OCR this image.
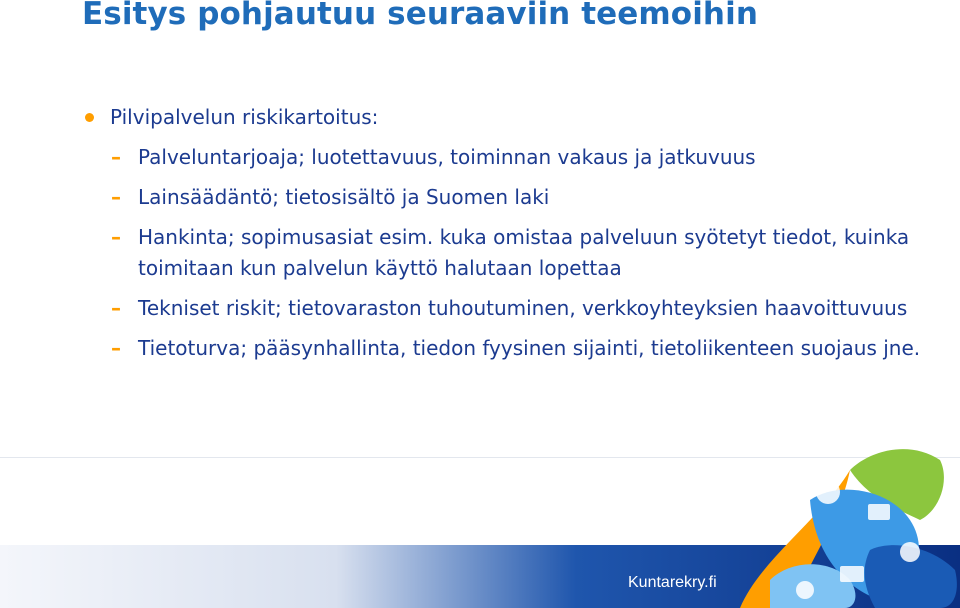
Esitys pohjautuu seuraaviin teemoihin
Pilvipalvelun riskikartoitus:
– Palveluntarjoaja; luotettavuus, toiminnan vakaus ja jatkuvuus
– Lainsäädäntö; tietosisältö ja Suomen laki
– Hankinta; sopimusasiat esim. kuka omistaa palveluun syötetyt tiedot, kuinka toimitaan kun palvelun käyttö halutaan lopettaa
– Tekniset riskit; tietovaraston tuhoutuminen, verkkoyhteyksien haavoittuvuus
– Tietoturva; pääsynhallinta, tiedon fyysinen sijainti, tietoliikenteen suojaus jne.
Kuntarekry.fi
